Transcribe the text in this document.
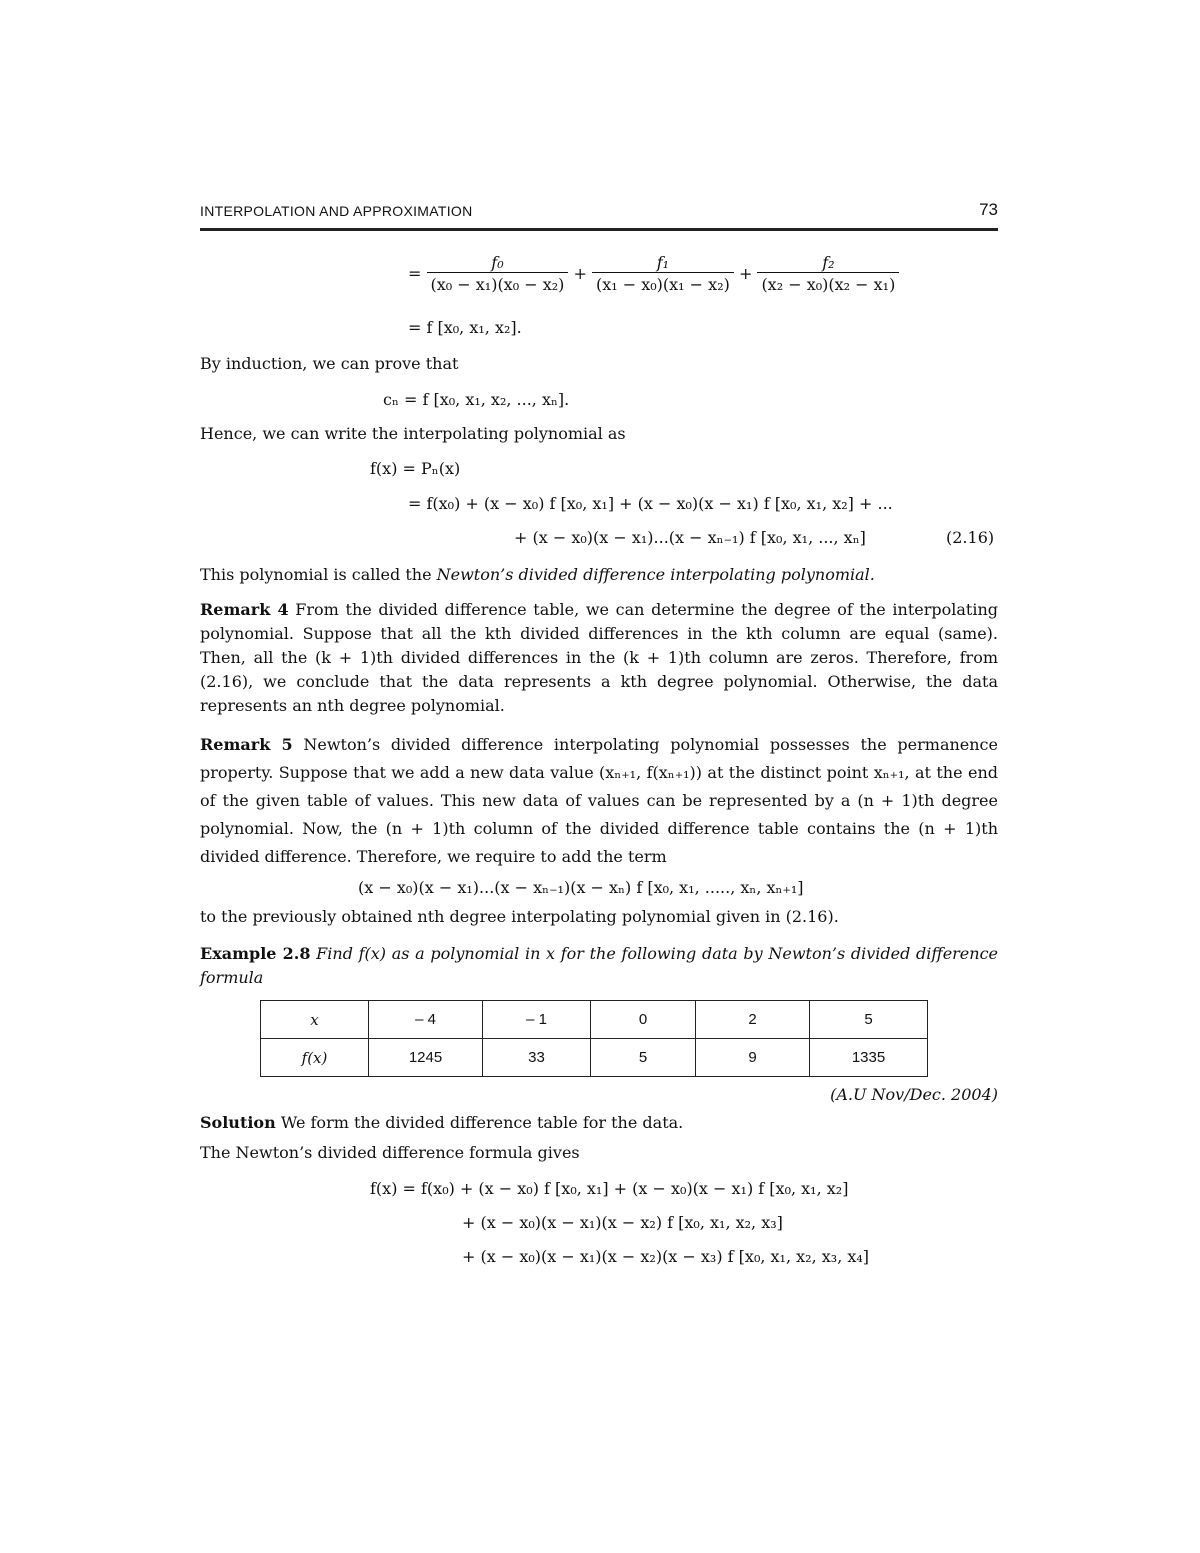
INTERPOLATION AND APPROXIMATION	73
= $\frac{\text{f₀}}{\text{(x₀ − x₁)(x₀ − x₂)}} + \frac{\text{f₁}}{\text{(x₁ − x₀)(x₁ − x₂)}} + \frac{\text{f₂}}{\text{(x₂ − x₀)(x₂ − x₁)}}$
= f [x₀, x₁, x₂].
By induction, we can prove that
cₙ = f [x₀, x₁, x₂, ..., xₙ].
Hence, we can write the interpolating polynomial as
f(x) = Pₙ(x)
= f(x₀) + (x − x₀) f [x₀, x₁] + (x − x₀)(x − x₁) f [x₀, x₁, x₂] + ...
+ (x − x₀)(x − x₁)...(x − xₙ₋₁) f [x₀, x₁, ..., xₙ]	(2.16)
This polynomial is called the Newton’s divided difference interpolating polynomial.
Remark 4 From the divided difference table, we can determine the degree of the interpolating polynomial. Suppose that all the kth divided differences in the kth column are equal (same). Then, all the (k + 1)th divided differences in the (k + 1)th column are zeros. Therefore, from (2.16), we conclude that the data represents a kth degree polynomial. Otherwise, the data represents an nth degree polynomial.
Remark 5 Newton’s divided difference interpolating polynomial possesses the permanence property. Suppose that we add a new data value (xₙ₊₁, f(xₙ₊₁)) at the distinct point xₙ₊₁, at the end of the given table of values. This new data of values can be represented by a (n + 1)th degree polynomial. Now, the (n + 1)th column of the divided difference table contains the (n + 1)th divided difference. Therefore, we require to add the term
(x − x₀)(x − x₁)...(x − xₙ₋₁)(x − xₙ) f [x₀, x₁, ....., xₙ, xₙ₊₁]
to the previously obtained nth degree interpolating polynomial given in (2.16).
Example 2.8 Find f(x) as a polynomial in x for the following data by Newton’s divided difference formula
x	– 4	– 1	0	2	5
f(x)	1245	33	5	9	1335
(A.U Nov/Dec. 2004)
Solution We form the divided difference table for the data.
The Newton’s divided difference formula gives
f(x) = f(x₀) + (x − x₀) f [x₀, x₁] + (x − x₀)(x − x₁) f [x₀, x₁, x₂]
+ (x − x₀)(x − x₁)(x − x₂) f [x₀, x₁, x₂, x₃]
+ (x − x₀)(x − x₁)(x − x₂)(x − x₃) f [x₀, x₁, x₂, x₃, x₄]
